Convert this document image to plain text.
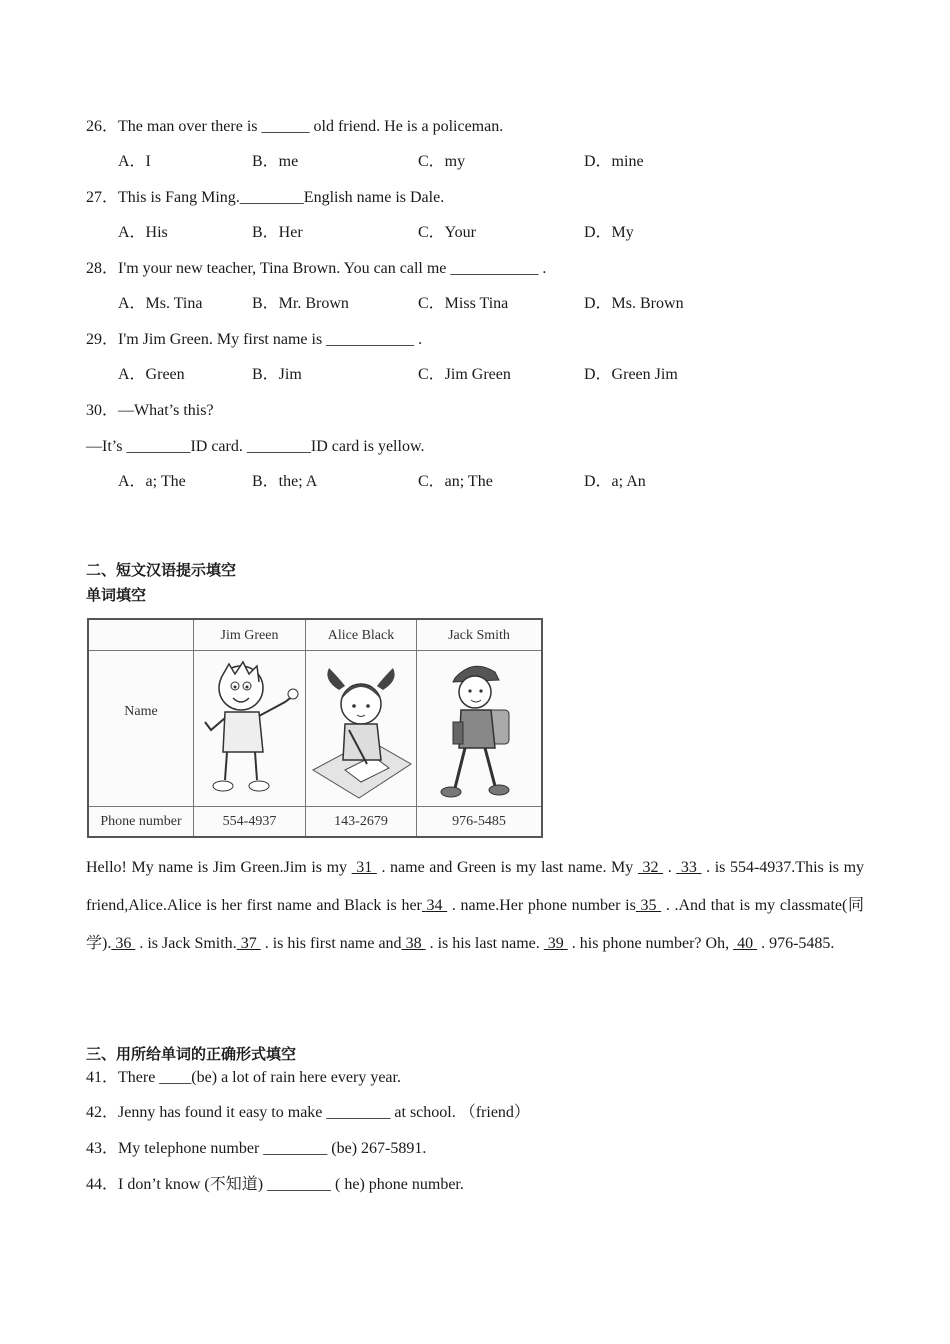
26．The man over there is ______ old friend. He is a policeman.
A．I	B．me	C．my	D．mine
27．This is Fang Ming.________English name is Dale.
A．His	B．Her	C．Your	D．My
28．I'm your new teacher, Tina Brown. You can call me ___________ .
A．Ms. Tina	B．Mr. Brown	C．Miss Tina	D．Ms. Brown
29．I'm Jim Green. My first name is ___________ .
A．Green	B．Jim	C．Jim Green	D．Green Jim
30．—What’s this?
—It’s ________ID card. ________ID card is yellow.
A．a; The	B．the; A	C．an; The	D．a; An
二、短文汉语提示填空
单词填空
Jim Green	Alice Black	Jack Smith
Name
Phone number	554-4937	143-2679	976-5485
Hello! My name is Jim Green.Jim is my  31  . name and Green is my last name. My  32  .  33  . is 554-4937.This is my friend,Alice.Alice is her first name and Black is her 34  . name.Her phone number is 35  . .And that is my classmate(同学). 36  . is Jack Smith. 37  . is his first name and 38  . is his last name.  39  . his phone number? Oh,  40  . 976-5485.
三、用所给单词的正确形式填空
41．There ____(be) a lot of rain here every year.
42．Jenny has found it easy to make ________ at school. （friend）
43．My telephone number ________ (be) 267-5891.
44．I don’t know (不知道) ________ ( he) phone number.
